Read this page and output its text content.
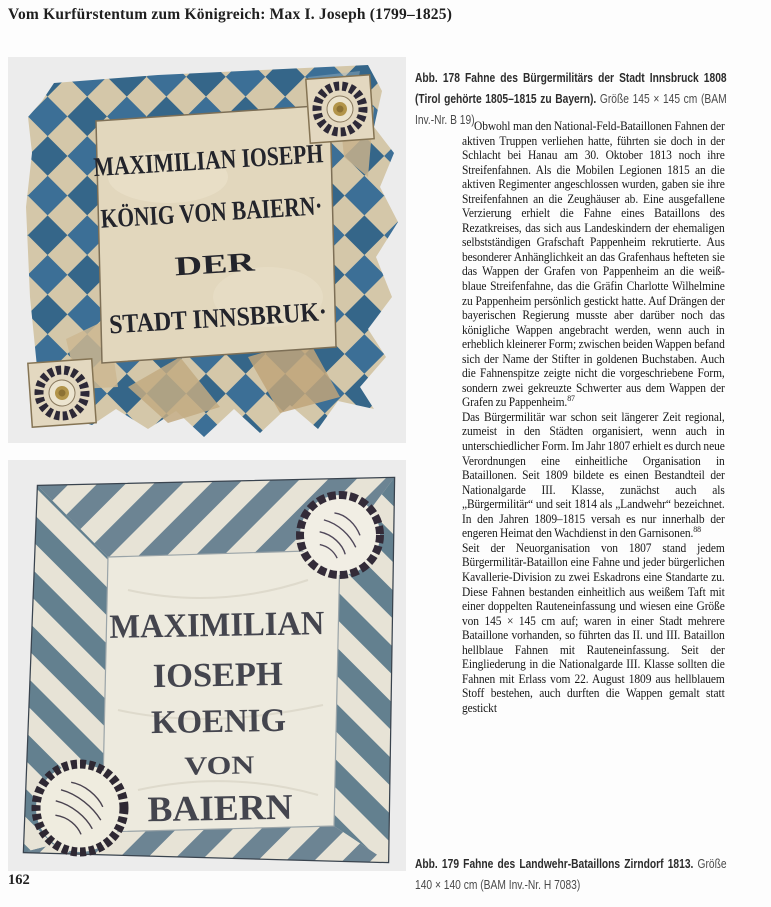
Vom Kurfürstentum zum Königreich: Max I. Joseph (1799–1825)
MAXIMILIAN IOSEPH
KÖNIG VON BAIERN·
DER
STADT INNSBRUK·
MAXIMILIAN
IOSEPH
KOENIG
VON
BAIERN

Abb. 178 Fahne des Bürgermilitärs der Stadt Innsbruck 1808 (Tirol gehörte 1805–1815 zu Bayern). Größe 145 × 145 cm (BAM Inv.-Nr. B 19)

Abb. 179 Fahne des Landwehr-Bataillons Zirndorf 1813. Größe 140 × 140 cm (BAM Inv.-Nr. H 7083)

Obwohl man den National-Feld-Bataillonen Fahnen der aktiven Truppen verliehen hatte, führten sie doch in der Schlacht bei Hanau am 30. Oktober 1813 noch ihre Streifenfahnen. Als die Mobilen Legionen 1815 an die aktiven Regimenter angeschlossen wurden, gaben sie ihre Streifenfahnen an die Zeughäuser ab. Eine ausgefallene Verzierung erhielt die Fahne eines Bataillons des Rezatkreises, das sich aus Landeskindern der ehemaligen selbstständigen Grafschaft Pappenheim rekrutierte. Aus besonderer Anhänglichkeit an das Grafenhaus hefteten sie das Wappen der Grafen von Pappenheim an die weiß-blaue Streifenfahne, das die Gräfin Charlotte Wilhelmine zu Pappenheim persönlich gestickt hatte. Auf Drängen der bayerischen Regierung musste aber darüber noch das königliche Wappen angebracht werden, wenn auch in erheblich kleinerer Form; zwischen beiden Wappen befand sich der Name der Stifter in goldenen Buchstaben. Auch die Fahnenspitze zeigte nicht die vorgeschriebene Form, sondern zwei gekreuzte Schwerter aus dem Wappen der Grafen zu Pappenheim.$^{87}$

Das Bürgermilitär war schon seit längerer Zeit regional, zumeist in den Städten organisiert, wenn auch in unterschiedlicher Form. Im Jahr 1807 erhielt es durch neue Verordnungen eine einheitliche Organisation in Bataillonen. Seit 1809 bildete es einen Bestandteil der Nationalgarde III. Klasse, zunächst auch als „Bürgermilitär“ und seit 1814 als „Landwehr“ bezeichnet. In den Jahren 1809–1815 versah es nur innerhalb der engeren Heimat den Wachdienst in den Garnisonen.$^{88}$

Seit der Neuorganisation von 1807 stand jedem Bürgermilitär-Bataillon eine Fahne und jeder bürgerlichen Kavallerie-Division zu zwei Eskadrons eine Standarte zu. Diese Fahnen bestanden einheitlich aus weißem Taft mit einer doppelten Rauteneinfassung und wiesen eine Größe von 145 × 145 cm auf; waren in einer Stadt mehrere Bataillone vorhanden, so führten das II. und III. Bataillon hellblaue Fahnen mit Rauteneinfassung. Seit der Eingliederung in die Nationalgarde III. Klasse sollten die Fahnen mit Erlass vom 22. August 1809 aus hellblauem Stoff bestehen, auch durften die Wappen gemalt statt gestickt

162
